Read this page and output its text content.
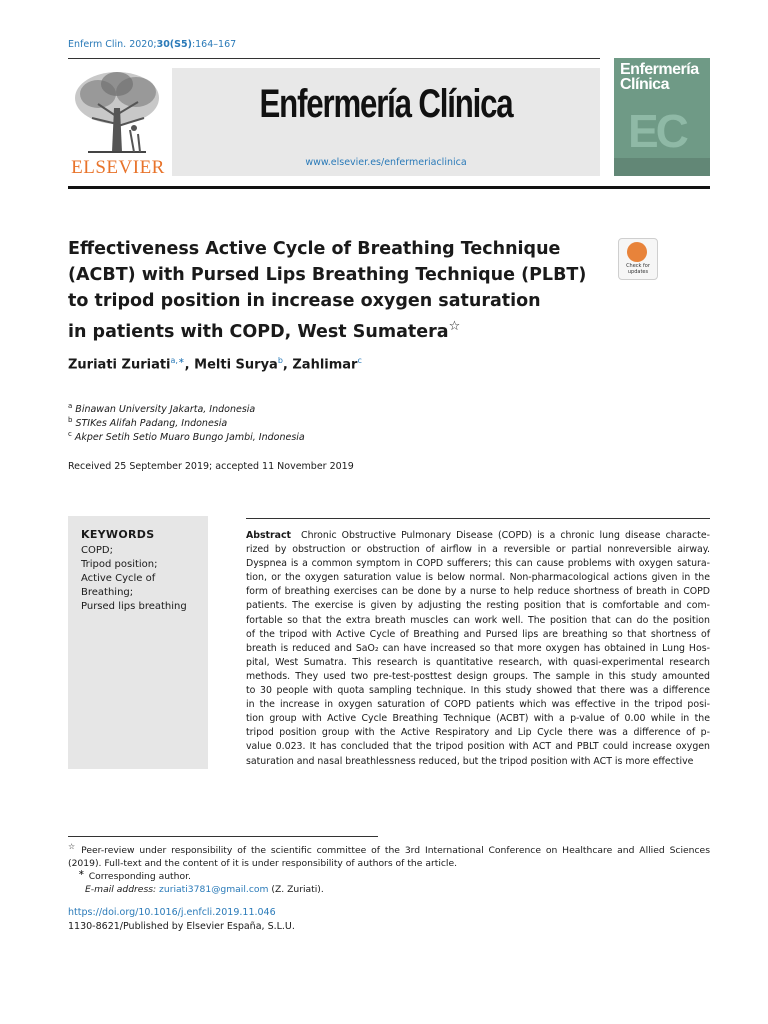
Enferm Clin. 2020;30(S5):164–167
ELSEVIER
Enfermería Clínica
www.elsevier.es/enfermeriaclinica
Enfermería
Clínica
EC
Effectiveness Active Cycle of Breathing Technique
(ACBT) with Pursed Lips Breathing Technique (PLBT)
to tripod position in increase oxygen saturation
in patients with COPD, West Sumatera☆
Check for updates
Zuriati Zuriati$^{a,∗}$, Melti Surya$^b$, Zahlimar$^c$
$^a$ Binawan University Jakarta, Indonesia
$^b$ STIKes Alifah Padang, Indonesia
$^c$ Akper Setih Setio Muaro Bungo Jambi, Indonesia
Received 25 September 2019; accepted 11 November 2019
KEYWORDS
COPD;
Tripod position;
Active Cycle of
Breathing;
Pursed lips breathing
Abstract Chronic Obstructive Pulmonary Disease (COPD) is a chronic lung disease characte-
rized by obstruction or obstruction of airflow in a reversible or partial nonreversible airway.
Dyspnea is a common symptom in COPD sufferers; this can cause problems with oxygen satura-
tion, or the oxygen saturation value is below normal. Non-pharmacological actions given in the
form of breathing exercises can be done by a nurse to help reduce shortness of breath in COPD
patients. The exercise is given by adjusting the resting position that is comfortable and com-
fortable so that the extra breath muscles can work well. The position that can do the position
of the tripod with Active Cycle of Breathing and Pursed lips are breathing so that shortness of
breath is reduced and SaO₂ can have increased so that more oxygen has obtained in Lung Hos-
pital, West Sumatra. This research is quantitative research, with quasi-experimental research
methods. They used two pre-test-posttest design groups. The sample in this study amounted
to 30 people with quota sampling technique. In this study showed that there was a difference
in the increase in oxygen saturation of COPD patients which was effective in the tripod posi-
tion group with Active Cycle Breathing Technique (ACBT) with a p-value of 0.00 while in the
tripod position group with the Active Respiratory and Lip Cycle there was a difference of p-
value 0.023. It has concluded that the tripod position with ACT and PBLT could increase oxygen
saturation and nasal breathlessness reduced, but the tripod position with ACT is more effective
☆ Peer-review under responsibility of the scientific committee of the 3rd International Conference on Healthcare and Allied Sciences
(2019). Full-text and the content of it is under responsibility of authors of the article.
∗ Corresponding author.
E-mail address: zuriati3781@gmail.com (Z. Zuriati).
https://doi.org/10.1016/j.enfcli.2019.11.046
1130-8621/Published by Elsevier España, S.L.U.
